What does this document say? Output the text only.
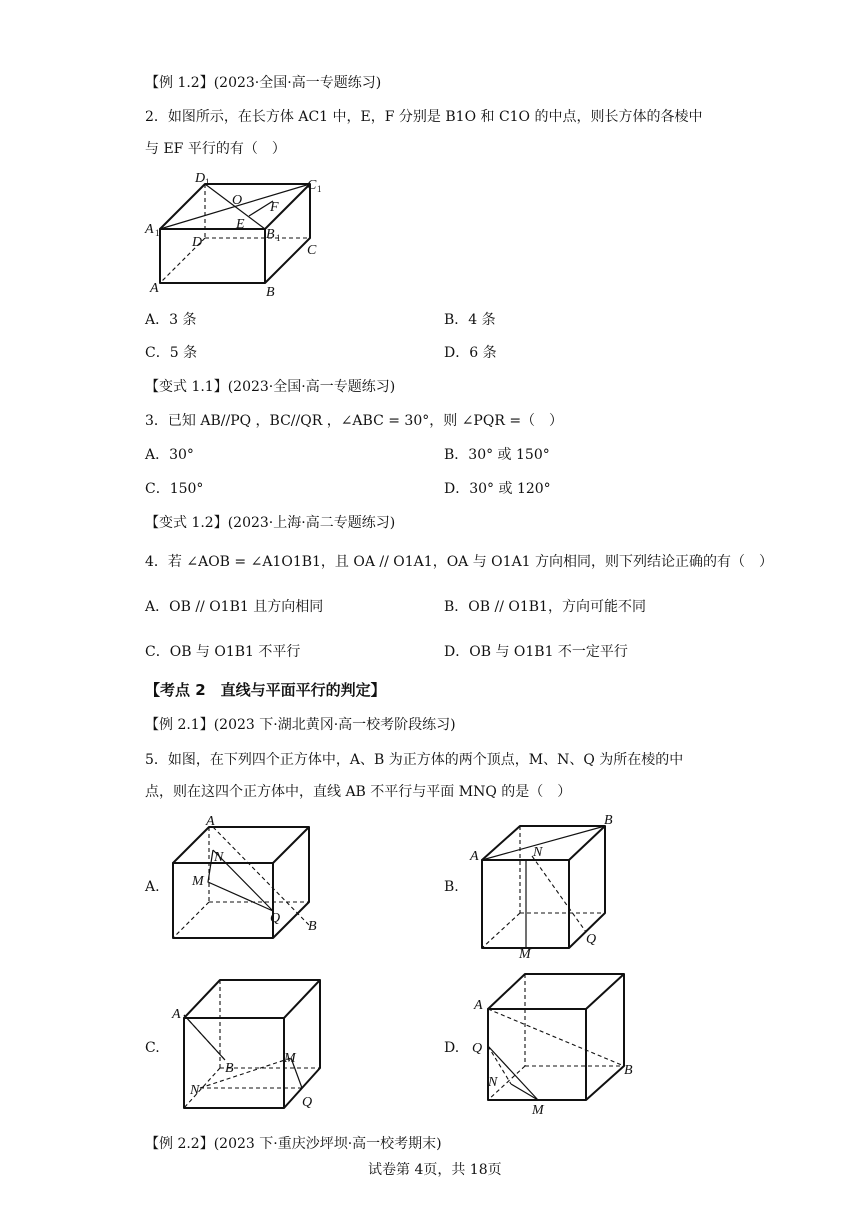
【例 1.2】(2023·全国·高一专题练习)
2．如图所示，在长方体 AC1 中，E，F 分别是 B1O 和 C1O 的中点，则长方体的各棱中
与 EF 平行的有（　）
D 1	C 1
O F
E
A 1	B 1
D
C
A	B
A．3 条	B．4 条
C．5 条	D．6 条
【变式 1.1】(2023·全国·高一专题练习)
3．已知 AB//PQ ，BC//QR ，∠ABC = 30°，则 ∠PQR =（　）
A．30°	B．30° 或 150°
C．150°	D．30° 或 120°
【变式 1.2】(2023·上海·高二专题练习)
4．若 ∠AOB = ∠A1O1B1，且 OA // O1A1，OA 与 O1A1 方向相同，则下列结论正确的有（　）
A．OB // O1B1 且方向相同	B．OB // O1B1，方向可能不同
C．OB 与 O1B1 不平行	D．OB 与 O1B1 不一定平行
【考点 2　直线与平面平行的判定】
【例 2.1】(2023 下·湖北黄冈·高一校考阶段练习)
5．如图，在下列四个正方体中，A、B 为正方体的两个顶点，M、N、Q 为所在棱的中
点，则在这四个正方体中，直线 AB 不平行与平面 MNQ 的是（　）
A.
A
N
M
Q
B
B.
A	N
B
Q
M
C.
A
B
M
N
Q
D.
A
Q
N
B
M
【例 2.2】(2023 下·重庆沙坪坝·高一校考期末)
试卷第 4页，共 18页
